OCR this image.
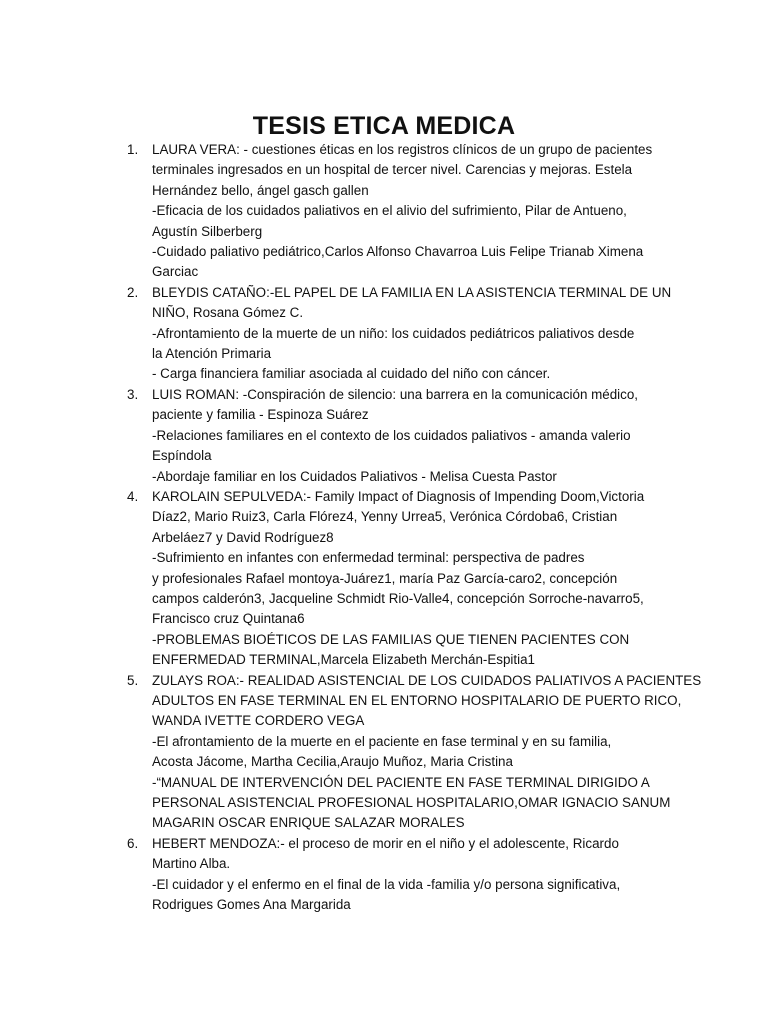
TESIS ETICA MEDICA
1. LAURA VERA: - cuestiones éticas en los registros clínicos de un grupo de pacientes
terminales ingresados en un hospital de tercer nivel. Carencias y mejoras. Estela
Hernández bello, ángel gasch gallen
-Eficacia de los cuidados paliativos en el alivio del sufrimiento, Pilar de Antueno,
Agustín Silberberg
-Cuidado paliativo pediátrico,Carlos Alfonso Chavarroa Luis Felipe Trianab Ximena
Garciac
2. BLEYDIS CATAÑO:-EL PAPEL DE LA FAMILIA EN LA ASISTENCIA TERMINAL DE UN
NIÑO, Rosana Gómez C.
-Afrontamiento de la muerte de un niño: los cuidados pediátricos paliativos desde
la Atención Primaria
- Carga financiera familiar asociada al cuidado del niño con cáncer.
3. LUIS ROMAN: -Conspiración de silencio: una barrera en la comunicación médico,
paciente y familia - Espinoza Suárez
-Relaciones familiares en el contexto de los cuidados paliativos - amanda valerio
Espíndola
-Abordaje familiar en los Cuidados Paliativos - Melisa Cuesta Pastor
4. KAROLAIN SEPULVEDA:- Family Impact of Diagnosis of Impending Doom,Victoria
Díaz2, Mario Ruiz3, Carla Flórez4, Yenny Urrea5, Verónica Córdoba6, Cristian
Arbeláez7 y David Rodríguez8
-Sufrimiento en infantes con enfermedad terminal: perspectiva de padres
y profesionales Rafael montoya-Juárez1, maría Paz García-caro2, concepción
campos calderón3, Jacqueline Schmidt Rio-Valle4, concepción Sorroche-navarro5,
Francisco cruz Quintana6
-PROBLEMAS BIOÉTICOS DE LAS FAMILIAS QUE TIENEN PACIENTES CON
ENFERMEDAD TERMINAL,Marcela Elizabeth Merchán-Espitia1
5. ZULAYS ROA:- REALIDAD ASISTENCIAL DE LOS CUIDADOS PALIATIVOS A PACIENTES
ADULTOS EN FASE TERMINAL EN EL ENTORNO HOSPITALARIO DE PUERTO RICO,
WANDA IVETTE CORDERO VEGA
-El afrontamiento de la muerte en el paciente en fase terminal y en su familia,
Acosta Jácome, Martha Cecilia,Araujo Muñoz, Maria Cristina
-“MANUAL DE INTERVENCIÓN DEL PACIENTE EN FASE TERMINAL DIRIGIDO A
PERSONAL ASISTENCIAL PROFESIONAL HOSPITALARIO,OMAR IGNACIO SANUM
MAGARIN OSCAR ENRIQUE SALAZAR MORALES
6. HEBERT MENDOZA:- el proceso de morir en el niño y el adolescente, Ricardo
Martino Alba.
-El cuidador y el enfermo en el final de la vida -familia y/o persona significativa,
Rodrigues Gomes Ana Margarida
